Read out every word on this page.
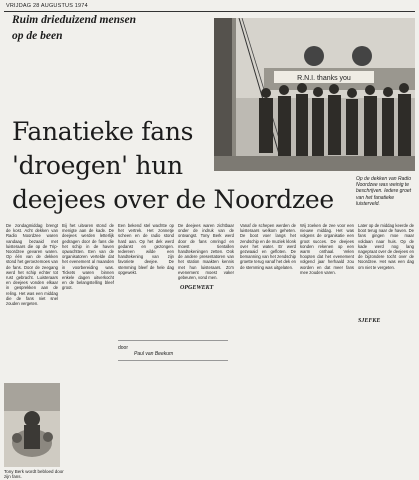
VRIJDAG 28 AUGUSTUS 1974
Ruim drieduizend mensen
op de been
R.N.I. thanks you
Fanatieke fans
'droegen' hun
deejees over de Noordzee
Op de dekken van Radio Noordzee was weinig te beschrijven. Iedere groet van het fanatieke luisterveld.

De zondagmiddag brengt de kost. Acht dekken van Radio Noordzee waren vandaag bezaaid met luisteraars die op de Trip-Noordzee gevaren waren. Op één van de dekken stond het geroezemoes van de fans. Door de zeegang werd het schip echter tot rust gebracht. Luisteraars en deejees vonden elkaar in gesprekken aan de reling. Het was een middag die de fans niet snel zouden vergeten.

Bij het uitvaren stond de menigte aan de kade. De deejees werden letterlijk gedragen door de fans die het schip in de haven opwachtten. Een van de organisatoren vertelde dat het evenement al maanden in voorbereiding was. Tickets waren binnen enkele dagen uitverkocht en de belangstelling bleef groot.

Een bekend stel wachtte op het vertrek. Het zonnetje scheen en de radio stond hard aan. Op het dek werd gedanst en gezongen. Iedereen wilde een handtekening van zijn favoriete deejee. De stemming bleef de hele dag opgewekt.

De deejees waren zichtbaar onder de indruk van de ontvangst. Tony Berk werd door de fans omringd en moest tientallen handtekeningen zetten. Ook de andere presentatoren van het station maakten kennis met hun luisteraars. Zo'n evenement moest vaker gebeuren, vond men.

Vanaf de schepen werden de luisteraars welkom geheten. De boot voer langs het zendschip en de muziek klonk over het water. Er werd gezwaaid en gefloten. De bemanning van het zendschip groette terug vanaf het dek en de stemming was uitgelaten.

Wij zoeken de zee voor een nieuwe middag. Het was volgens de organisatie een groot succes. De deejees konden rekenen op een warm onthaal. Velen hoopten dat het evenement volgend jaar herhaald zou worden en dat meer fans mee zouden varen.

Later op de middag keerde de boot terug naar de haven. De fans gingen moe maar voldaan naar huis. Op de kade werd nog lang nagepraat over de deejees en de bijzondere tocht over de Noordzee. Het was een dag om niet te vergeten.

OPGEWEKT
SJEFKE
door
Paul van Beekum
Tony Berk wordt bebloed door zijn fans.
